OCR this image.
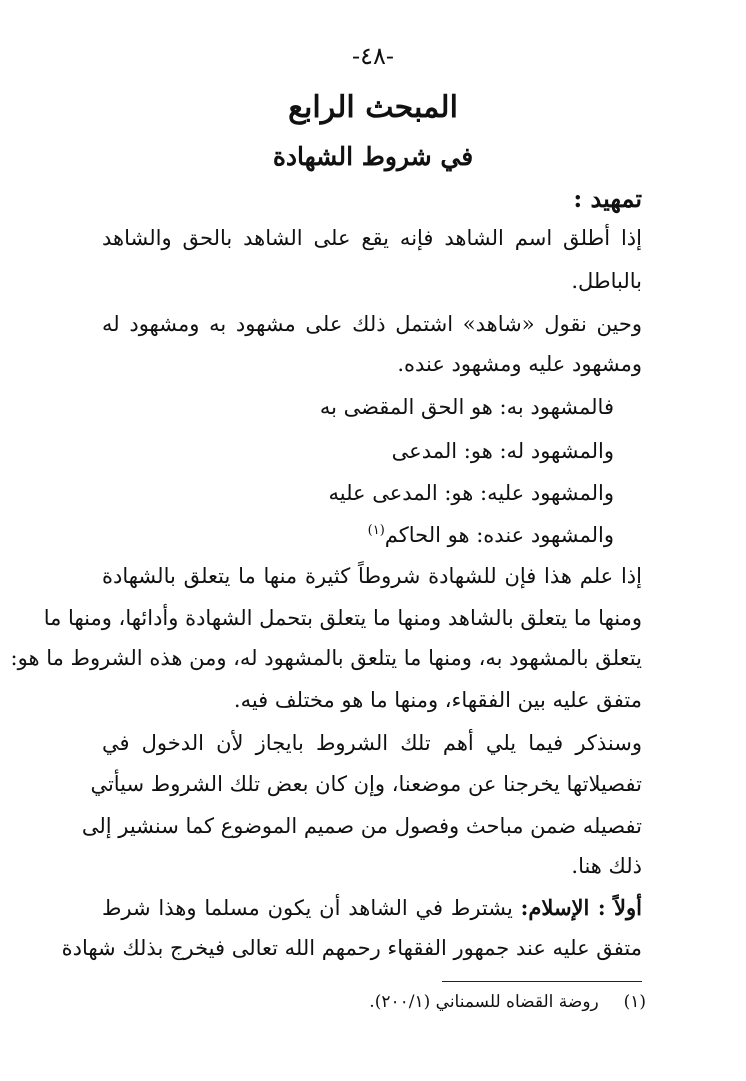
-٤٨-
المبحث الرابع
في شروط الشهادة
تمهيد :
إذا أطلق اسم الشاهد فإنه يقع على الشاهد بالحق والشاهد
بالباطل.
وحين نقول «شاهد» اشتمل ذلك على مشهود به ومشهود له
ومشهود عليه ومشهود عنده.
فالمشهود به: هو الحق المقضى به
والمشهود له: هو: المدعى
والمشهود عليه: هو: المدعى عليه
والمشهود عنده: هو الحاكم$^{(١)}$
إذا علم هذا فإن للشهادة شروطاً كثيرة منها ما يتعلق بالشهادة
ومنها ما يتعلق بالشاهد ومنها ما يتعلق بتحمل الشهادة وأدائها، ومنها ما
يتعلق بالمشهود به، ومنها ما يتلعق بالمشهود له، ومن هذه الشروط ما هو:
متفق عليه بين الفقهاء، ومنها ما هو مختلف فيه.
وسنذكر فيما يلي أهم تلك الشروط بايجاز لأن الدخول في
تفصيلاتها يخرجنا عن موضعنا، وإن كان بعض تلك الشروط سيأتي
تفصيله ضمن مباحث وفصول من صميم الموضوع كما سنشير إلى
ذلك هنا.
أولاً : الإسلام: يشترط في الشاهد أن يكون مسلما وهذا شرط
متفق عليه عند جمهور الفقهاء رحمهم الله تعالى فيخرج بذلك شهادة
(١)  روضة القضاه للسمناني (٢٠٠/١).
